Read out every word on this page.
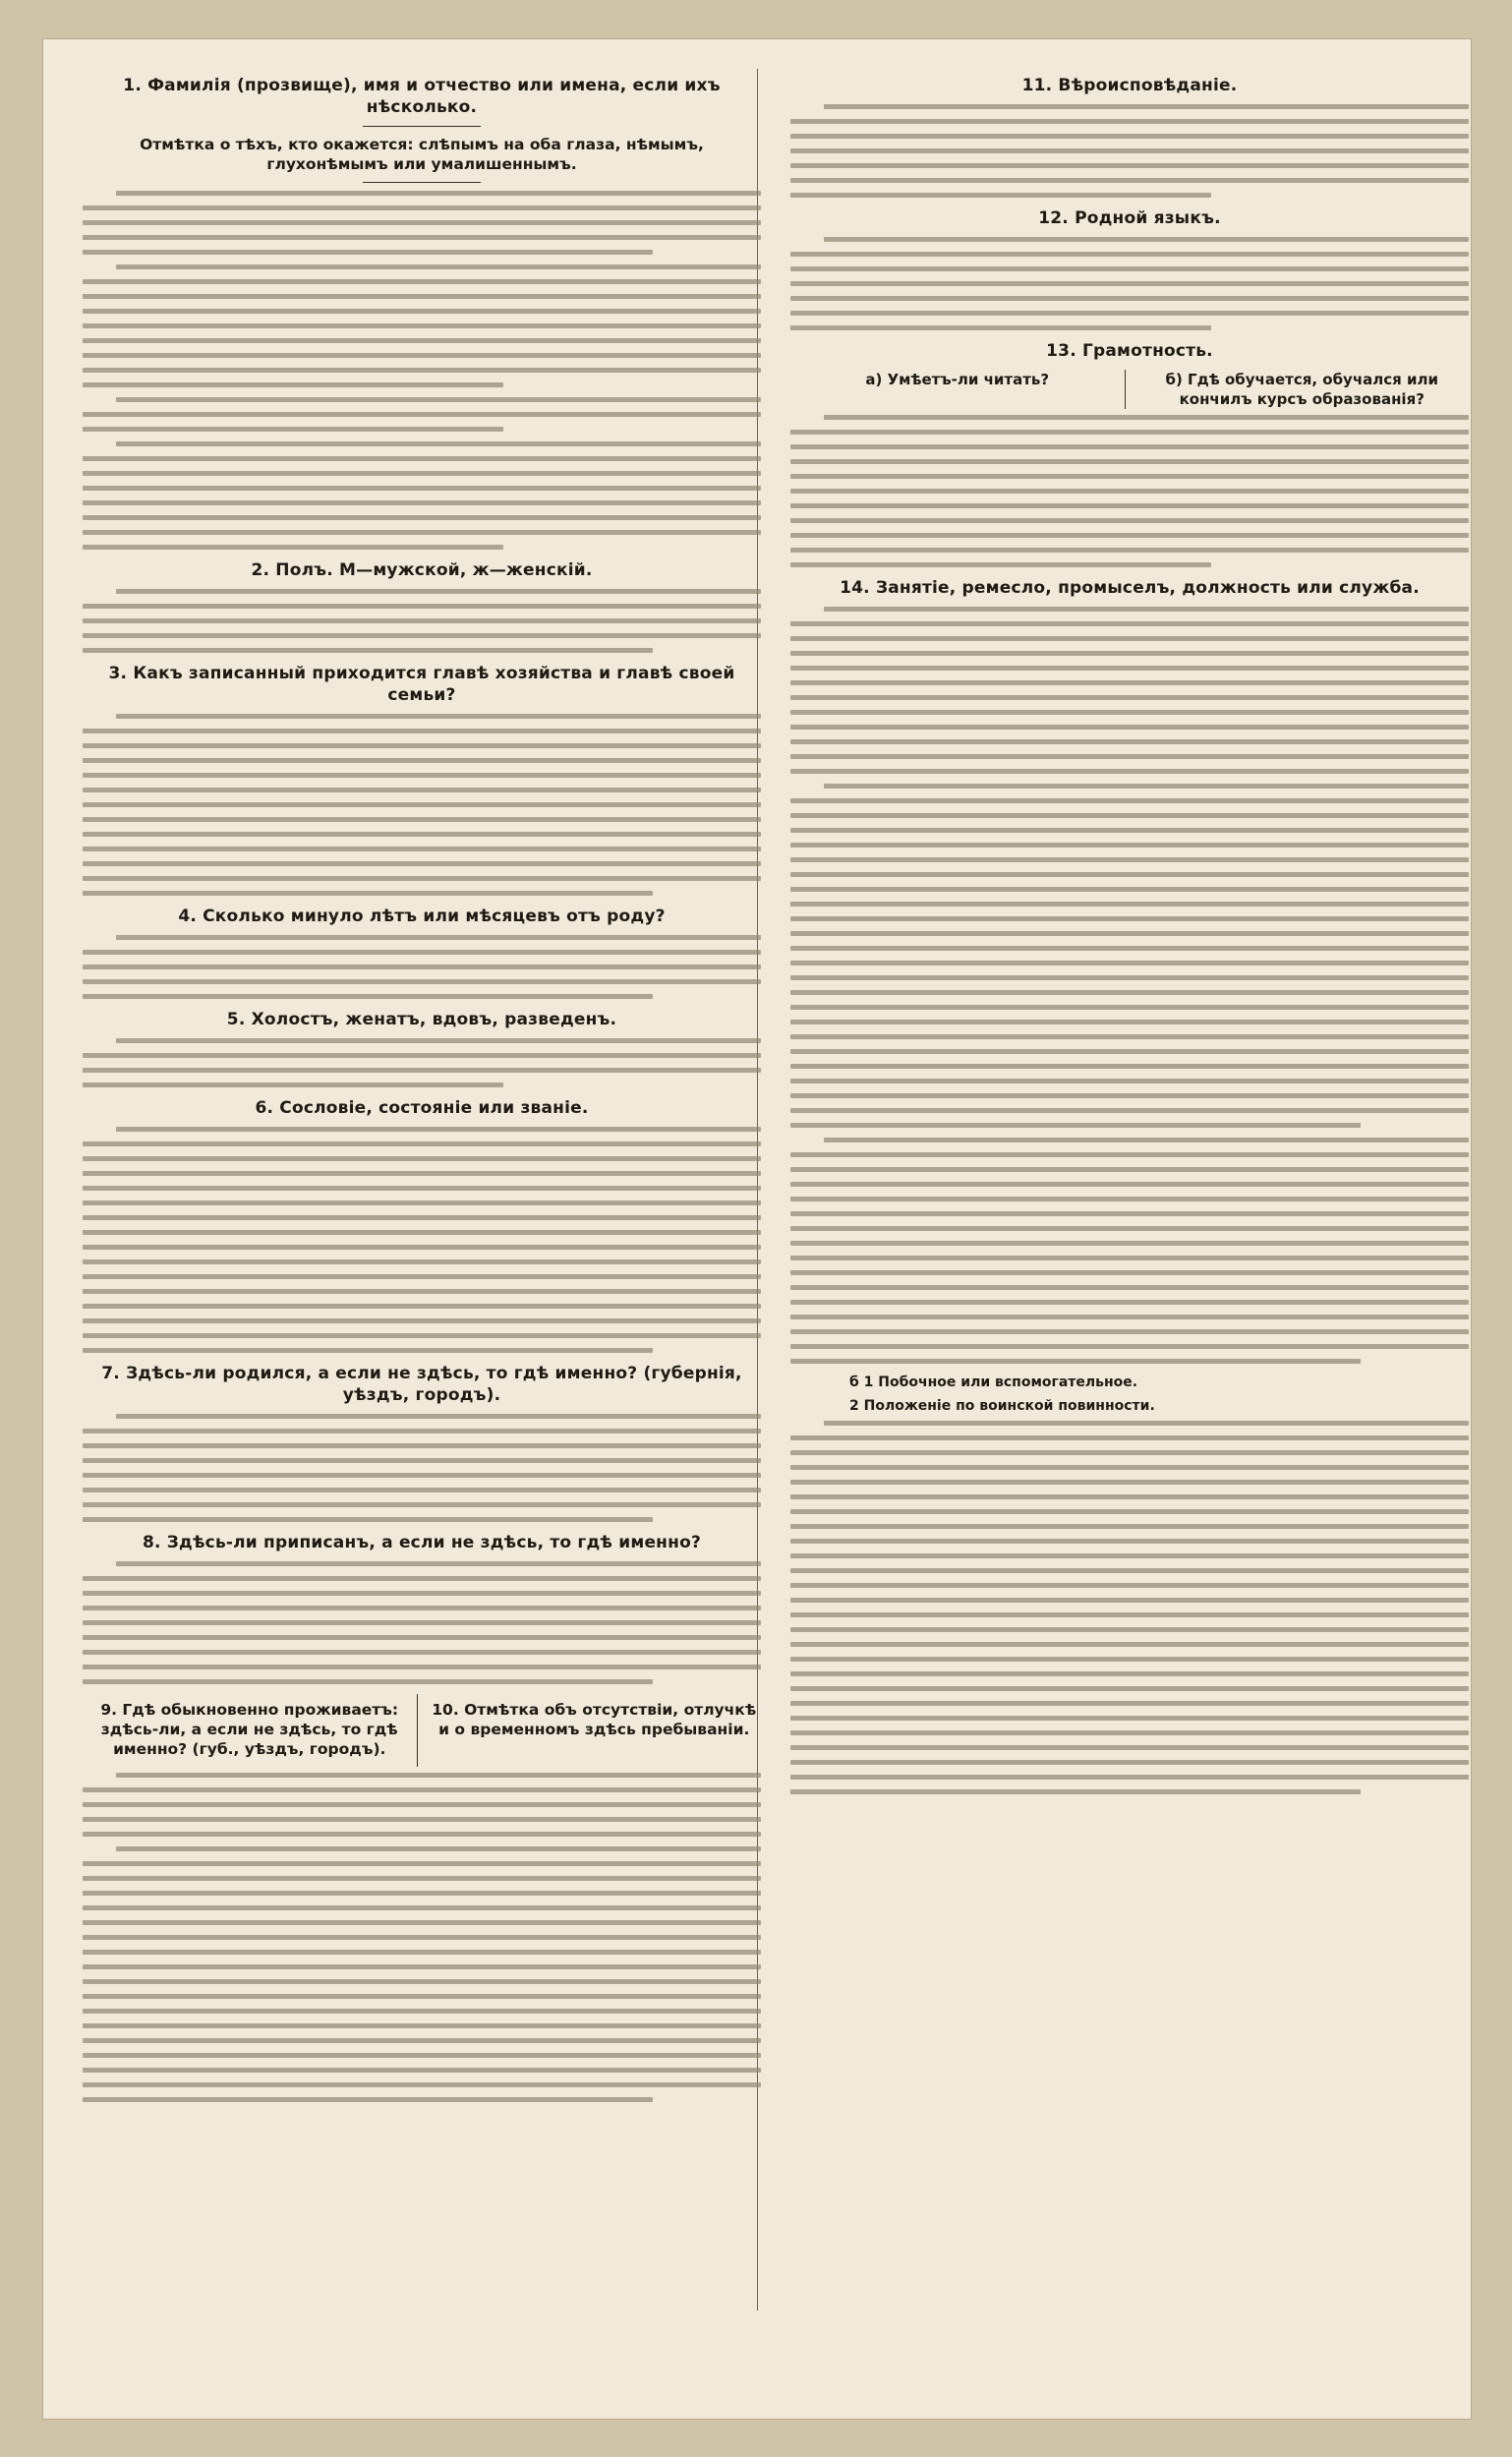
1. Фамилія (прозвище), имя и отчество или имена, если ихъ нѣсколько.
Отмѣтка о тѣхъ, кто окажется: слѣпымъ на оба глаза, нѣмымъ, глухонѣмымъ или умалишеннымъ.
2. Полъ. М—мужской, ж—женскій.
3. Какъ записанный приходится главѣ хозяйства и главѣ своей семьи?
4. Сколько минуло лѣтъ или мѣсяцевъ отъ роду?
5. Холостъ, женатъ, вдовъ, разведенъ.
6. Сословіе, состояніе или званіе.
7. Здѣсь-ли родился, а если не здѣсь, то гдѣ именно? (губернія, уѣздъ, городъ).
8. Здѣсь-ли приписанъ, а если не здѣсь, то гдѣ именно?
9. Гдѣ обыкновенно проживаетъ: здѣсь-ли, а если не здѣсь, то гдѣ именно? (губ., уѣздъ, городъ).
10. Отмѣтка объ отсутствіи, отлучкѣ и о временномъ здѣсь пребываніи.
11. Вѣроисповѣданіе.
12. Родной языкъ.
13. Грамотность.
а) Умѣетъ-ли читать?	б) Гдѣ обучается, обучался или кончилъ курсъ образованія?
14. Занятіе, ремесло, промыселъ, должность или служба.
б 1 Побочное или вспомогательное.
2 Положеніе по воинской повинности.
